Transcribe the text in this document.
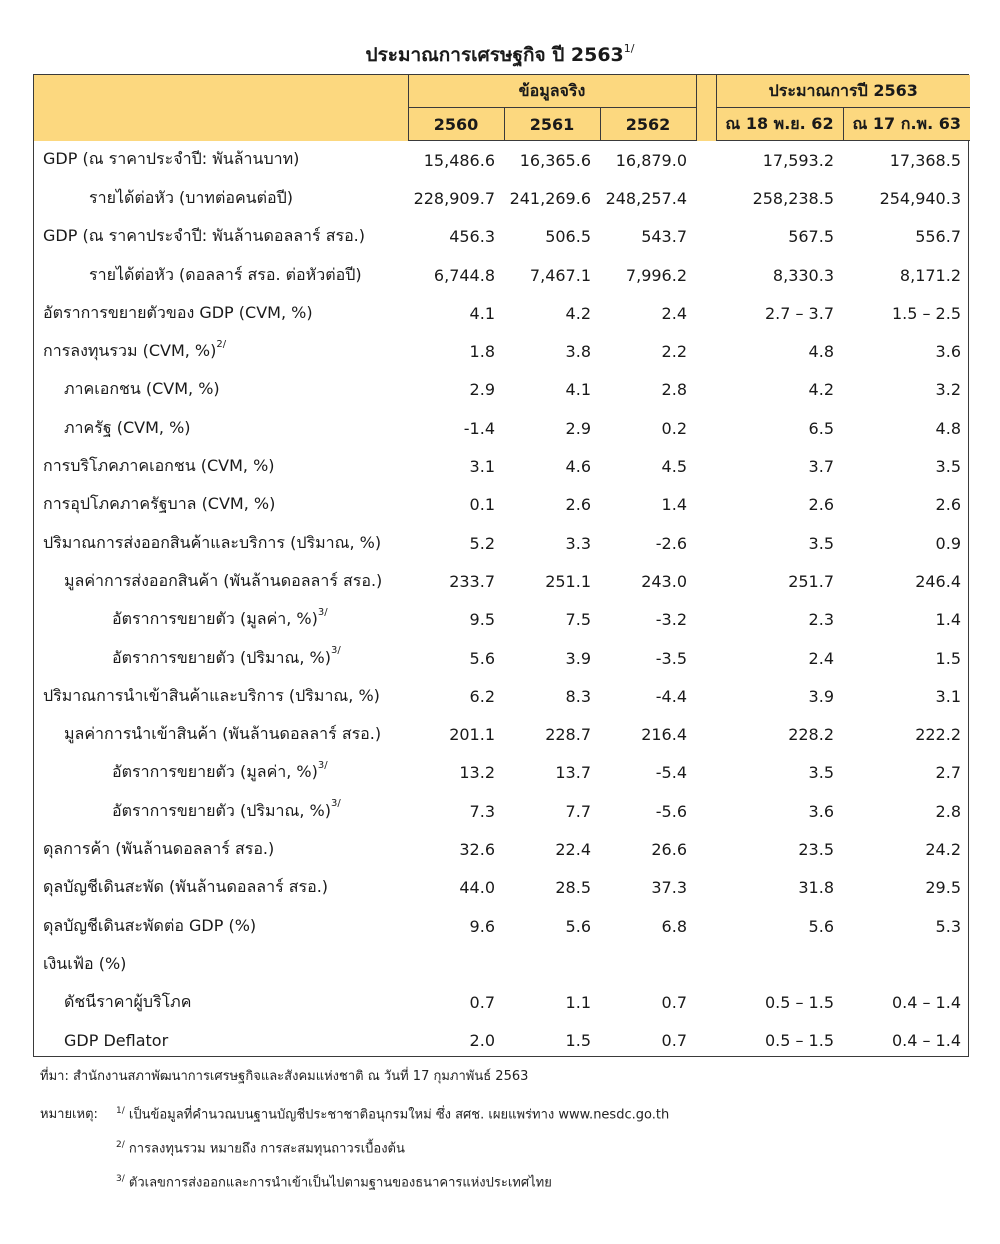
ประมาณการเศรษฐกิจ ปี $2563^{1/}$
	ข้อมูลจริง				ประมาณการปี 2563	
	2560	2561	2562		ณ 18 พ.ย. 62	ณ 17 ก.พ. 63
GDP (ณ ราคาประจำปี: พันล้านบาท)	15,486.6	16,365.6	16,879.0		17,593.2	17,368.5
รายได้ต่อหัว (บาทต่อคนต่อปี)	228,909.7	241,269.6	248,257.4		258,238.5	254,940.3
GDP (ณ ราคาประจำปี: พันล้านดอลลาร์ สรอ.)	456.3	506.5	543.7		567.5	556.7
รายได้ต่อหัว (ดอลลาร์ สรอ. ต่อหัวต่อปี)	6,744.8	7,467.1	7,996.2		8,330.3	8,171.2
อัตราการขยายตัวของ GDP (CVM, %)	4.1	4.2	2.4		2.7 – 3.7	1.5 – 2.5
การลงทุนรวม (CVM, %)$^{2/}$	1.8	3.8	2.2		4.8	3.6
ภาคเอกชน (CVM, %)	2.9	4.1	2.8		4.2	3.2
ภาครัฐ (CVM, %)	-1.4	2.9	0.2		6.5	4.8
การบริโภคภาคเอกชน (CVM, %)	3.1	4.6	4.5		3.7	3.5
การอุปโภคภาครัฐบาล (CVM, %)	0.1	2.6	1.4		2.6	2.6
ปริมาณการส่งออกสินค้าและบริการ (ปริมาณ, %)	5.2	3.3	-2.6		3.5	0.9
มูลค่าการส่งออกสินค้า (พันล้านดอลลาร์ สรอ.)	233.7	251.1	243.0		251.7	246.4
อัตราการขยายตัว (มูลค่า, %)$^{3/}$	9.5	7.5	-3.2		2.3	1.4
อัตราการขยายตัว (ปริมาณ, %)$^{3/}$	5.6	3.9	-3.5		2.4	1.5
ปริมาณการนำเข้าสินค้าและบริการ (ปริมาณ, %)	6.2	8.3	-4.4		3.9	3.1
มูลค่าการนำเข้าสินค้า (พันล้านดอลลาร์ สรอ.)	201.1	228.7	216.4		228.2	222.2
อัตราการขยายตัว (มูลค่า, %)$^{3/}$	13.2	13.7	-5.4		3.5	2.7
อัตราการขยายตัว (ปริมาณ, %)$^{3/}$	7.3	7.7	-5.6		3.6	2.8
ดุลการค้า (พันล้านดอลลาร์ สรอ.)	32.6	22.4	26.6		23.5	24.2
ดุลบัญชีเดินสะพัด (พันล้านดอลลาร์ สรอ.)	44.0	28.5	37.3		31.8	29.5
ดุลบัญชีเดินสะพัดต่อ GDP (%)	9.6	5.6	6.8		5.6	5.3
เงินเฟ้อ (%)						
ดัชนีราคาผู้บริโภค	0.7	1.1	0.7		0.5 – 1.5	0.4 – 1.4
GDP Deflator	2.0	1.5	0.7		0.5 – 1.5	0.4 – 1.4
ที่มา: สำนักงานสภาพัฒนาการเศรษฐกิจและสังคมแห่งชาติ ณ วันที่ 17 กุมภาพันธ์ 2563
หมายเหตุ: $^{1/}$ เป็นข้อมูลที่คำนวณบนฐานบัญชีประชาชาติอนุกรมใหม่ ซึ่ง สศช. เผยแพร่ทาง www.nesdc.go.th
$^{2/}$ การลงทุนรวม หมายถึง การสะสมทุนถาวรเบื้องต้น
$^{3/}$ ตัวเลขการส่งออกและการนำเข้าเป็นไปตามฐานของธนาคารแห่งประเทศไทย
